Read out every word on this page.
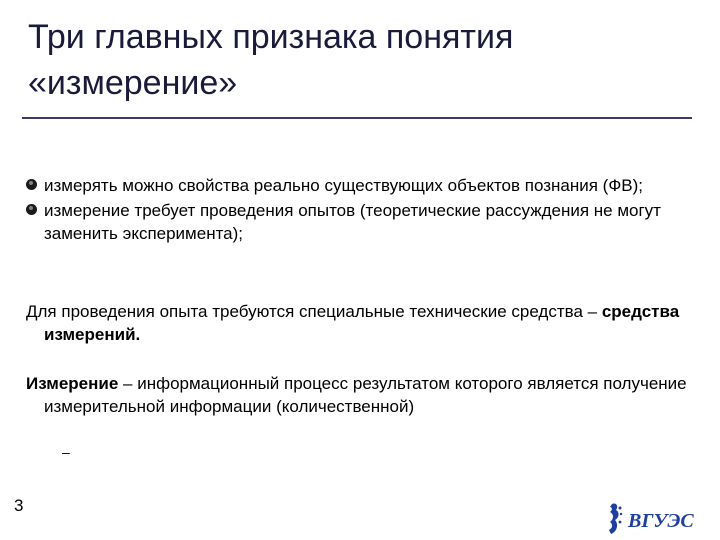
Три главных признака понятия
«измерение»
измерять можно свойства реально существующих объектов познания (ФВ);
измерение требует проведения опытов (теоретические рассуждения не могут заменить эксперимента);
Для проведения опыта требуются специальные технические средства – средства измерений.
Измерение – информационный процесс результатом которого является получение измерительной информации (количественной)
–
3
ВГУЭС
